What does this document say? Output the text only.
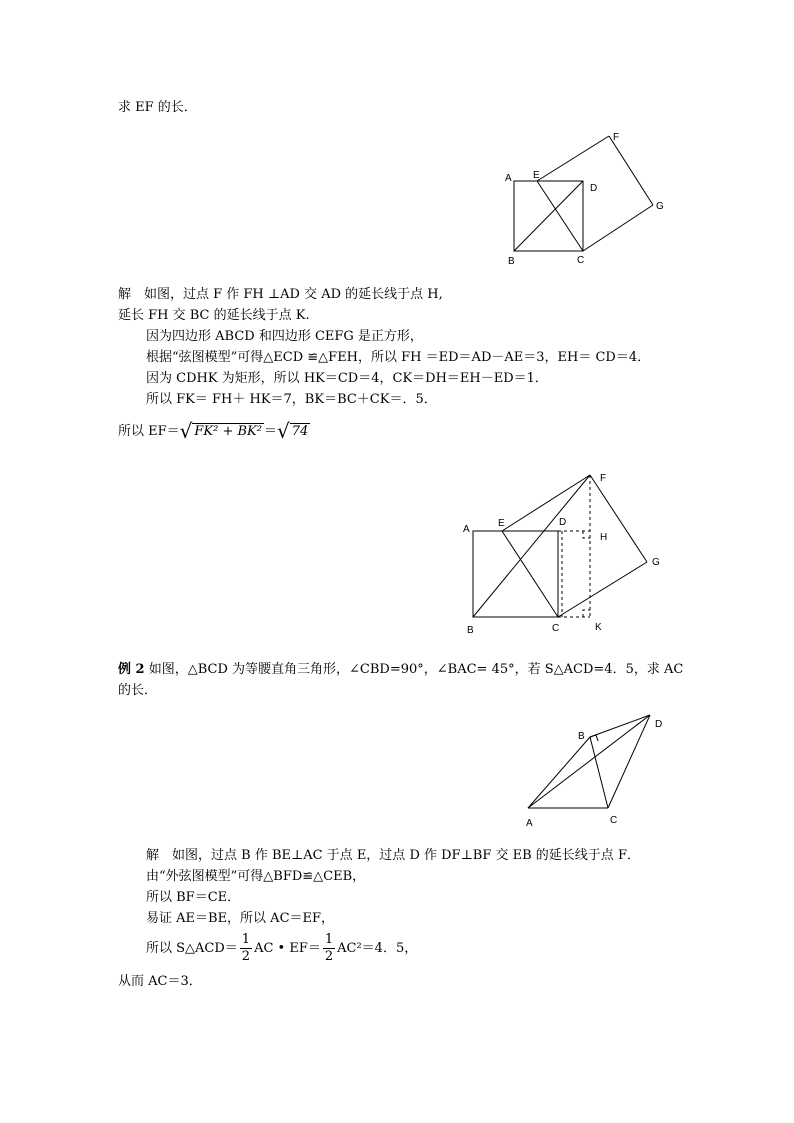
求 EF 的长．
A E
D
F
G
B	C
解　如图，过点 F 作 FH ⊥AD 交 AD 的延长线于点 H,
延长 FH 交 BC 的延长线于点 K.
因为四边形 ABCD 和四边形 CEFG 是正方形，
根据“弦图模型”可得△ECD ≌△FEH，所以 FH ＝ED＝AD－AE＝3，EH＝ CD＝4．
因为 CDHK 为矩形，所以 HK＝CD＝4，CK＝DH＝EH－ED＝1．
所以 FK＝ FH＋ HK＝7，BK＝BC＋CK＝．5．
所以 EF＝√ FK² + BK² ＝√ 74
A
E	D
F
H
G
B	C	K
例 2 如图，△BCD 为等腰直角三角形，∠CBD=90°，∠BAC= 45°，若 S△ACD=4．5，求 AC
的长．
B
D
A	C
解　如图，过点 B 作 BE⊥AC 于点 E，过点 D 作 DF⊥BF 交 EB 的延长线于点 F．
由“外弦图模型”可得△BFD≌△CEB，
所以 BF＝CE．
易证 AE＝BE，所以 AC＝EF，
所以 S△ACD＝ $\frac{1}{2}$ AC • $EF= \frac{1}{2} AC^2=4$．5，
从而 AC＝3．
